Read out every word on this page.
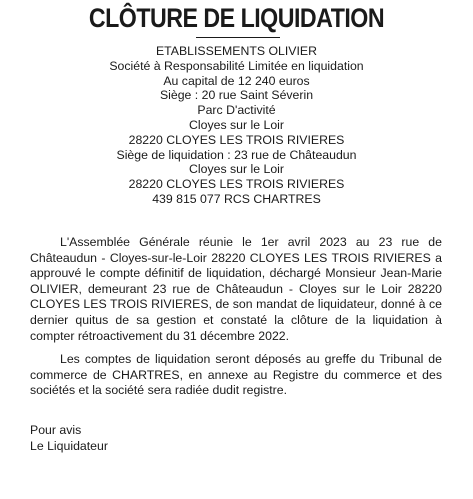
CLÔTURE DE LIQUIDATION
ETABLISSEMENTS OLIVIER
Société à Responsabilité Limitée en liquidation
Au capital de 12 240 euros
Siège : 20 rue Saint Séverin
Parc D'activité
Cloyes sur le Loir
28220 CLOYES LES TROIS RIVIERES
Siège de liquidation : 23 rue de Châteaudun
Cloyes sur le Loir
28220 CLOYES LES TROIS RIVIERES
439 815 077 RCS CHARTRES

L'Assemblée Générale réunie le 1er avril 2023 au 23 rue de Châteaudun - Cloyes-sur-le-Loir 28220 CLOYES LES TROIS RIVIERES a approuvé le compte définitif de liquidation, déchargé Monsieur Jean-Marie OLIVIER, demeurant 23 rue de Châteaudun - Cloyes sur le Loir 28220 CLOYES LES TROIS RIVIERES, de son mandat de liquidateur, donné à ce dernier quitus de sa gestion et constaté la clôture de la liquidation à compter rétroactivement du 31 décembre 2022.

Les comptes de liquidation seront déposés au greffe du Tribunal de commerce de CHARTRES, en annexe au Registre du commerce et des sociétés et la société sera radiée dudit registre.

Pour avis
Le Liquidateur
